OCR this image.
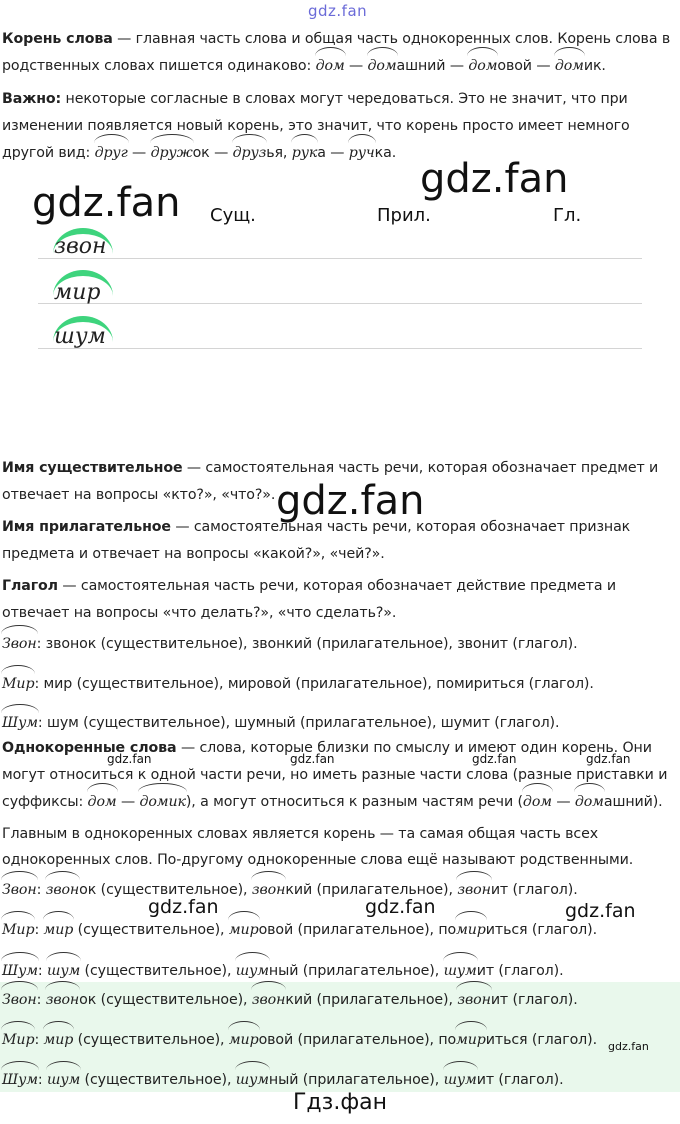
gdz.fan
Корень слова — главная часть слова и общая часть однокоренных слов. Корень слова в
родственных словах пишется одинаково: дом — домашний — домовой — домик.
Важно: некоторые согласные в словах могут чередоваться. Это не значит, что при
изменении появляется новый корень, это значит, что корень просто имеет немного
другой вид: друг — дружок — друзья, рука — ручка.
gdz.fan
gdz.fan Сущ.	Прил.	Гл.
звон
мир
шум
Имя существительное — самостоятельная часть речи, которая обозначает предмет и
отвечает на вопросы «кто?», «что?». gdz.fan
Имя прилагательное — самостоятельная часть речи, которая обозначает признак
предмета и отвечает на вопросы «какой?», «чей?».
Глагол — самостоятельная часть речи, которая обозначает действие предмета и
отвечает на вопросы «что делать?», «что сделать?».
Звон: звонок (существительное), звонкий (прилагательное), звонит (глагол).
Мир: мир (существительное), мировой (прилагательное), помириться (глагол).
Шум: шум (существительное), шумный (прилагательное), шумит (глагол).
Однокоренные слова — слова, которые близки по смыслу и имеют один корень. Они
gdz.fan	gdz.fan	gdz.fan	gdz.fan
могут относиться к одной части речи, но иметь разные части слова (разные приставки и
суффиксы: дом — домик), а могут относиться к разным частям речи (дом — домашний).
Главным в однокоренных словах является корень — та самая общая часть всех
однокоренных слов. По-другому однокоренные слова ещё называют родственными.
Звон: звонок (существительное), звонкий (прилагательное), звонит (глагол).
gdz.fan	gdz.fan	gdz.fan
Мир: мир (существительное), мировой (прилагательное), помириться (глагол).
Шум: шум (существительное), шумный (прилагательное), шумит (глагол).
Звон: звонок (существительное), звонкий (прилагательное), звонит (глагол).
Мир: мир (существительное), мировой (прилагательное), помириться (глагол). gdz.fan
Шум: шум (существительное), шумный (прилагательное), шумит (глагол).
Гдз.фан
